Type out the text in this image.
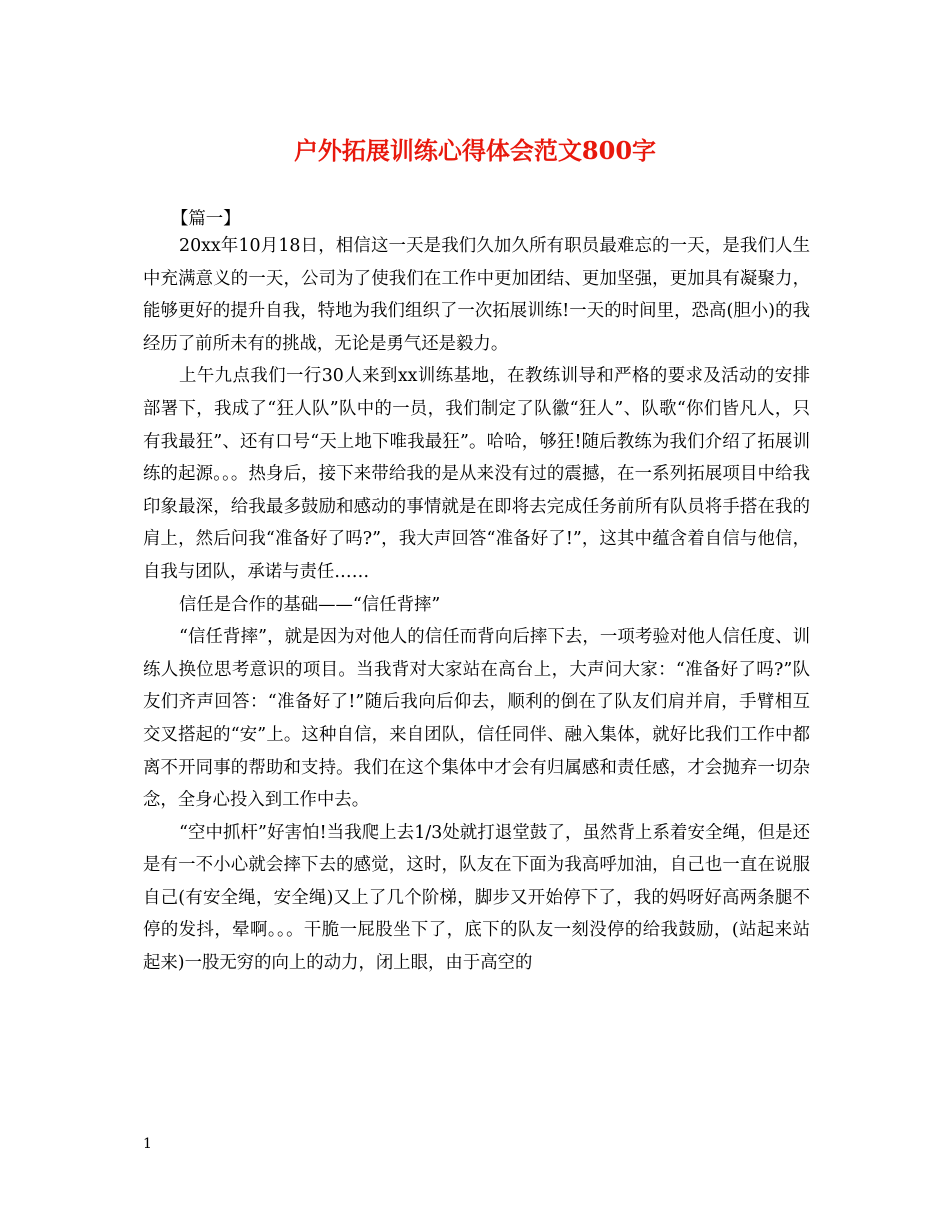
户外拓展训练心得体会范文800字
【篇一】

20xx年10月18日，相信这一天是我们久加久所有职员最难忘的一天，是我们人生中充满意义的一天，公司为了使我们在工作中更加团结、更加坚强，更加具有凝聚力，能够更好的提升自我，特地为我们组织了一次拓展训练!一天的时间里，恐高(胆小)的我经历了前所未有的挑战，无论是勇气还是毅力。

上午九点我们一行30人来到xx训练基地，在教练训导和严格的要求及活动的安排部署下，我成了“狂人队”队中的一员，我们制定了队徽“狂人”、队歌“你们皆凡人，只有我最狂”、还有口号“天上地下唯我最狂”。哈哈，够狂!随后教练为我们介绍了拓展训练的起源。。。热身后，接下来带给我的是从来没有过的震撼，在一系列拓展项目中给我印象最深，给我最多鼓励和感动的事情就是在即将去完成任务前所有队员将手搭在我的肩上，然后问我“准备好了吗?”，我大声回答“准备好了!”，这其中蕴含着自信与他信，自我与团队，承诺与责任……

信任是合作的基础——“信任背摔”

“信任背摔”，就是因为对他人的信任而背向后摔下去，一项考验对他人信任度、训练人换位思考意识的项目。当我背对大家站在高台上，大声问大家：“准备好了吗?”队友们齐声回答：“准备好了!”随后我向后仰去，顺利的倒在了队友们肩并肩，手臂相互交叉搭起的“安”上。这种自信，来自团队，信任同伴、融入集体，就好比我们工作中都离不开同事的帮助和支持。我们在这个集体中才会有归属感和责任感，才会抛弃一切杂念，全身心投入到工作中去。

“空中抓杆”好害怕!当我爬上去1/3处就打退堂鼓了，虽然背上系着安全绳，但是还是有一不小心就会摔下去的感觉，这时，队友在下面为我高呼加油，自己也一直在说服自己(有安全绳，安全绳)又上了几个阶梯，脚步又开始停下了，我的妈呀好高两条腿不停的发抖，晕啊。。。干脆一屁股坐下了，底下的队友一刻没停的给我鼓励，(站起来站起来)一股无穷的向上的动力，闭上眼，由于高空的

1
